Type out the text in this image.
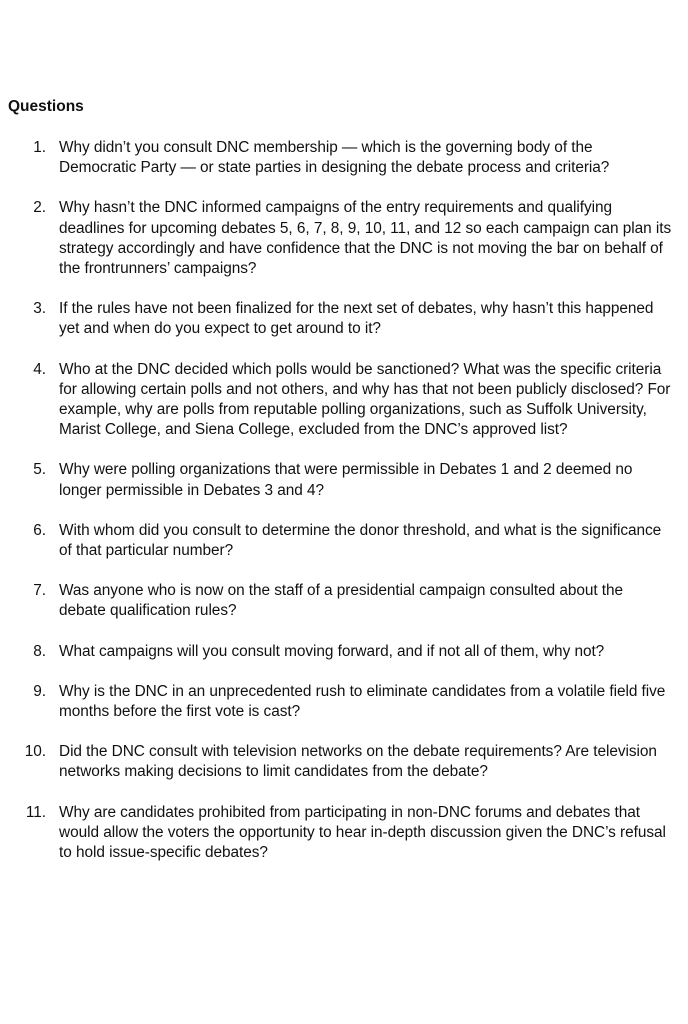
Questions
1. Why didn’t you consult DNC membership — which is the governing body of the Democratic Party — or state parties in designing the debate process and criteria?
2. Why hasn’t the DNC informed campaigns of the entry requirements and qualifying deadlines for upcoming debates 5, 6, 7, 8, 9, 10, 11, and 12 so each campaign can plan its strategy accordingly and have confidence that the DNC is not moving the bar on behalf of the frontrunners’ campaigns?
3. If the rules have not been finalized for the next set of debates, why hasn’t this happened yet and when do you expect to get around to it?
4. Who at the DNC decided which polls would be sanctioned? What was the specific criteria for allowing certain polls and not others, and why has that not been publicly disclosed? For example, why are polls from reputable polling organizations, such as Suffolk University, Marist College, and Siena College, excluded from the DNC’s approved list?
5. Why were polling organizations that were permissible in Debates 1 and 2 deemed no longer permissible in Debates 3 and 4?
6. With whom did you consult to determine the donor threshold, and what is the significance of that particular number?
7. Was anyone who is now on the staff of a presidential campaign consulted about the debate qualification rules?
8. What campaigns will you consult moving forward, and if not all of them, why not?
9. Why is the DNC in an unprecedented rush to eliminate candidates from a volatile field five months before the first vote is cast?
10. Did the DNC consult with television networks on the debate requirements? Are television networks making decisions to limit candidates from the debate?
11. Why are candidates prohibited from participating in non-DNC forums and debates that would allow the voters the opportunity to hear in-depth discussion given the DNC’s refusal to hold issue-specific debates?
